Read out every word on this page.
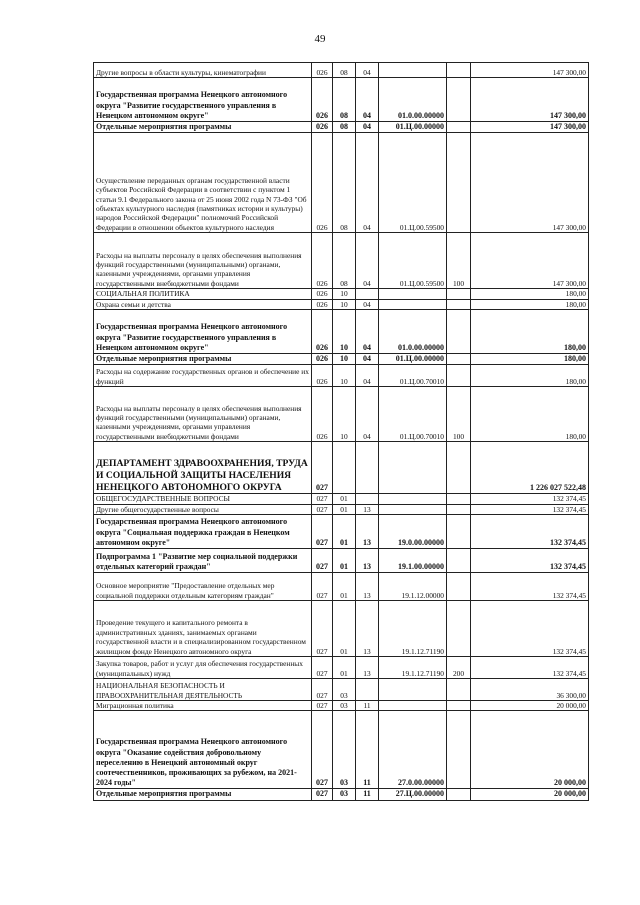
49
Другие вопросы в области культуры, кинематографии	026	08	04			147 300,00
Государственная программа Ненецкого автономного округа "Развитие государственного управления в Ненецком автономном округе"	026	08	04	01.0.00.00000		147 300,00
Отдельные мероприятия программы	026	08	04	01.Ц.00.00000		147 300,00
Осуществление переданных органам государственной власти субъектов Российской Федерации в соответствии с пунктом 1 статьи 9.1 Федерального закона от 25 июня 2002 года N 73-ФЗ "Об объектах культурного наследия (памятниках истории и культуры) народов Российской Федерации" полномочий Российской Федерации в отношении объектов культурного наследия	026	08	04	01.Ц.00.59500		147 300,00
Расходы на выплаты персоналу в целях обеспечения выполнения функций государственными (муниципальными) органами, казенными учреждениями, органами управления государственными внебюджетными фондами	026	08	04	01.Ц.00.59500	100	147 300,00
СОЦИАЛЬНАЯ ПОЛИТИКА	026	10				180,00
Охрана семьи и детства	026	10	04			180,00
Государственная программа Ненецкого автономного округа "Развитие государственного управления в Ненецком автономном округе"	026	10	04	01.0.00.00000		180,00
Отдельные мероприятия программы	026	10	04	01.Ц.00.00000		180,00
Расходы на содержание государственных органов и обеспечение их функций	026	10	04	01.Ц.00.70010		180,00
Расходы на выплаты персоналу в целях обеспечения выполнения функций государственными (муниципальными) органами, казенными учреждениями, органами управления государственными внебюджетными фондами	026	10	04	01.Ц.00.70010	100	180,00
ДЕПАРТАМЕНТ ЗДРАВООХРАНЕНИЯ, ТРУДА И СОЦИАЛЬНОЙ ЗАЩИТЫ НАСЕЛЕНИЯ НЕНЕЦКОГО АВТОНОМНОГО ОКРУГА	027					1 226 027 522,48
ОБЩЕГОСУДАРСТВЕННЫЕ ВОПРОСЫ	027	01				132 374,45
Другие общегосударственные вопросы	027	01	13			132 374,45
Государственная программа Ненецкого автономного округа "Социальная поддержка граждан в Ненецком автономном округе"	027	01	13	19.0.00.00000		132 374,45
Подпрограмма 1 "Развитие мер социальной поддержки отдельных категорий граждан"	027	01	13	19.1.00.00000		132 374,45
Основное мероприятие "Предоставление отдельных мер социальной поддержки отдельным категориям граждан"	027	01	13	19.1.12.00000		132 374,45
Проведение текущего и капитального ремонта в административных зданиях, занимаемых органами государственной власти и в специализированном государственном жилищном фонде Ненецкого автономного округа	027	01	13	19.1.12.71190		132 374,45
Закупка товаров, работ и услуг для обеспечения государственных (муниципальных) нужд	027	01	13	19.1.12.71190	200	132 374,45
НАЦИОНАЛЬНАЯ БЕЗОПАСНОСТЬ И ПРАВООХРАНИТЕЛЬНАЯ ДЕЯТЕЛЬНОСТЬ	027	03				36 300,00
Миграционная политика	027	03	11			20 000,00
Государственная программа Ненецкого автономного округа "Оказание содействия добровольному переселению в Ненецкий автономный округ соотечественников, проживающих за рубежом, на 2021-2024 годы"	027	03	11	27.0.00.00000		20 000,00
Отдельные мероприятия программы	027	03	11	27.Ц.00.00000		20 000,00
